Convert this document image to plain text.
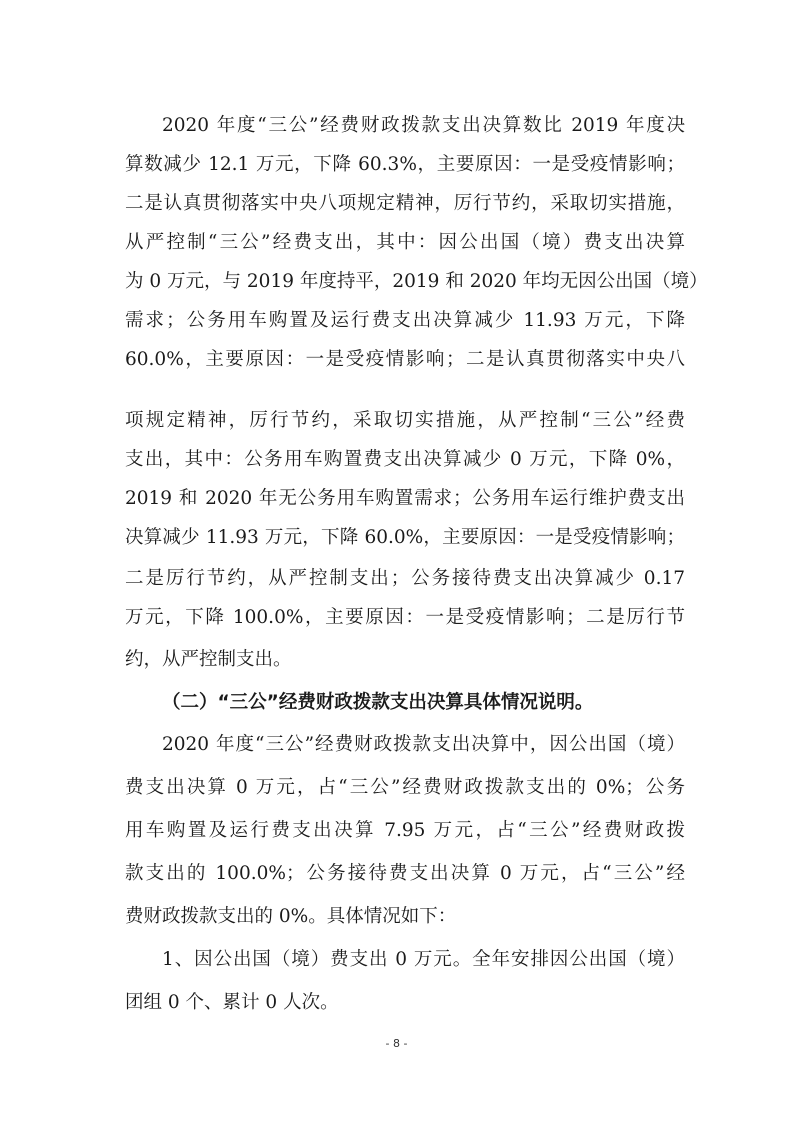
2020 年度“三公”经费财政拨款支出决算数比 2019 年度决
算数减少 12.1 万元，下降 60.3%，主要原因：一是受疫情影响；
二是认真贯彻落实中央八项规定精神，厉行节约，采取切实措施，
从严控制“三公”经费支出，其中：因公出国（境）费支出决算
为 0 万元，与 2019 年度持平，2019 和 2020 年均无因公出国（境）
需求；公务用车购置及运行费支出决算减少 11.93 万元，下降
60.0%，主要原因：一是受疫情影响；二是认真贯彻落实中央八
项规定精神，厉行节约，采取切实措施，从严控制“三公”经费
支出，其中：公务用车购置费支出决算减少 0 万元，下降 0%，
2019 和 2020 年无公务用车购置需求；公务用车运行维护费支出
决算减少 11.93 万元，下降 60.0%，主要原因：一是受疫情影响；
二是厉行节约，从严控制支出；公务接待费支出决算减少 0.17
万元，下降 100.0%，主要原因：一是受疫情影响；二是厉行节
约，从严控制支出。
（二）“三公”经费财政拨款支出决算具体情况说明。
2020 年度“三公”经费财政拨款支出决算中，因公出国（境）
费支出决算 0 万元，占“三公”经费财政拨款支出的 0%；公务
用车购置及运行费支出决算 7.95 万元，占“三公”经费财政拨
款支出的 100.0%；公务接待费支出决算 0 万元，占“三公”经
费财政拨款支出的 0%。具体情况如下：
1、因公出国（境）费支出 0 万元。全年安排因公出国（境）
团组 0 个、累计 0 人次。
- 8 -
